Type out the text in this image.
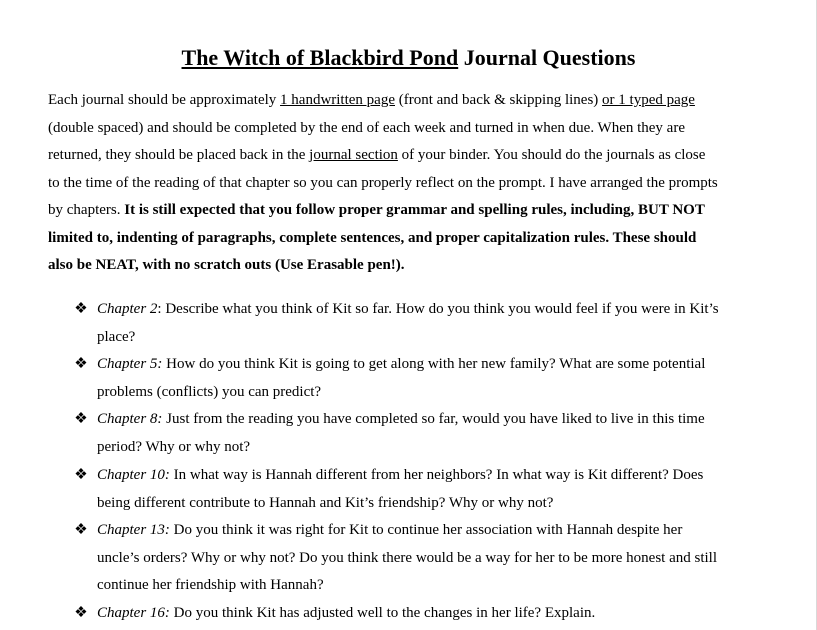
The Witch of Blackbird Pond Journal Questions
Each journal should be approximately 1 handwritten page (front and back & skipping lines) or 1 typed page
(double spaced) and should be completed by the end of each week and turned in when due. When they are
returned, they should be placed back in the journal section of your binder. You should do the journals as close
to the time of the reading of that chapter so you can properly reflect on the prompt. I have arranged the prompts
by chapters. It is still expected that you follow proper grammar and spelling rules, including, BUT NOT
limited to, indenting of paragraphs, complete sentences, and proper capitalization rules. These should
also be NEAT, with no scratch outs (Use Erasable pen!).
❖ Chapter 2: Describe what you think of Kit so far. How do you think you would feel if you were in Kit’s
place?
❖ Chapter 5: How do you think Kit is going to get along with her new family? What are some potential
problems (conflicts) you can predict?
❖ Chapter 8: Just from the reading you have completed so far, would you have liked to live in this time
period? Why or why not?
❖ Chapter 10: In what way is Hannah different from her neighbors? In what way is Kit different? Does
being different contribute to Hannah and Kit’s friendship? Why or why not?
❖ Chapter 13: Do you think it was right for Kit to continue her association with Hannah despite her
uncle’s orders? Why or why not? Do you think there would be a way for her to be more honest and still
continue her friendship with Hannah?
❖ Chapter 16: Do you think Kit has adjusted well to the changes in her life? Explain.
